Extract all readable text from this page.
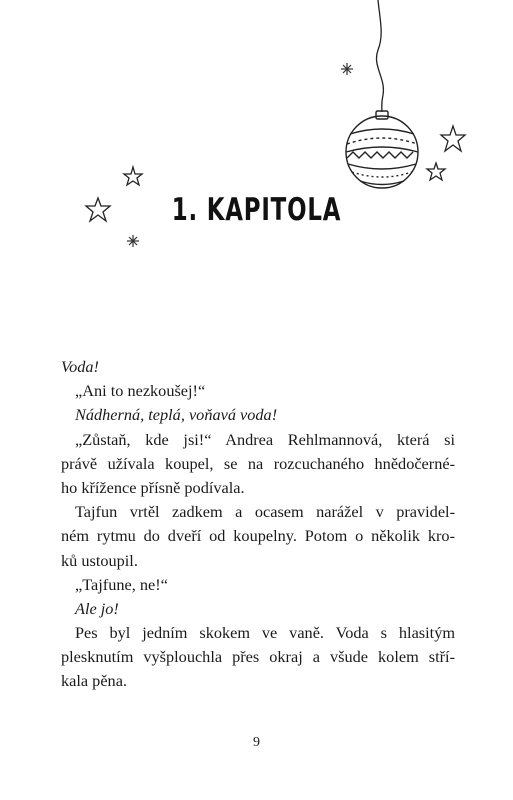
1. KAPITOLA
Voda!
„Ani to nezkoušej!“
Nádherná, teplá, voňavá voda!
„Zůstaň, kde jsi!“ Andrea Rehlmannová, která si
právě užívala koupel, se na rozcuchaného hnědočerné-
ho křížence přísně podívala.
Tajfun vrtěl zadkem a ocasem narážel v pravidel-
ném rytmu do dveří od koupelny. Potom o několik kro-
ků ustoupil.
„Tajfune, ne!“
Ale jo!
Pes byl jedním skokem ve vaně. Voda s hlasitým
plesknutím vyšplouchla přes okraj a všude kolem stří-
kala pěna.
9
